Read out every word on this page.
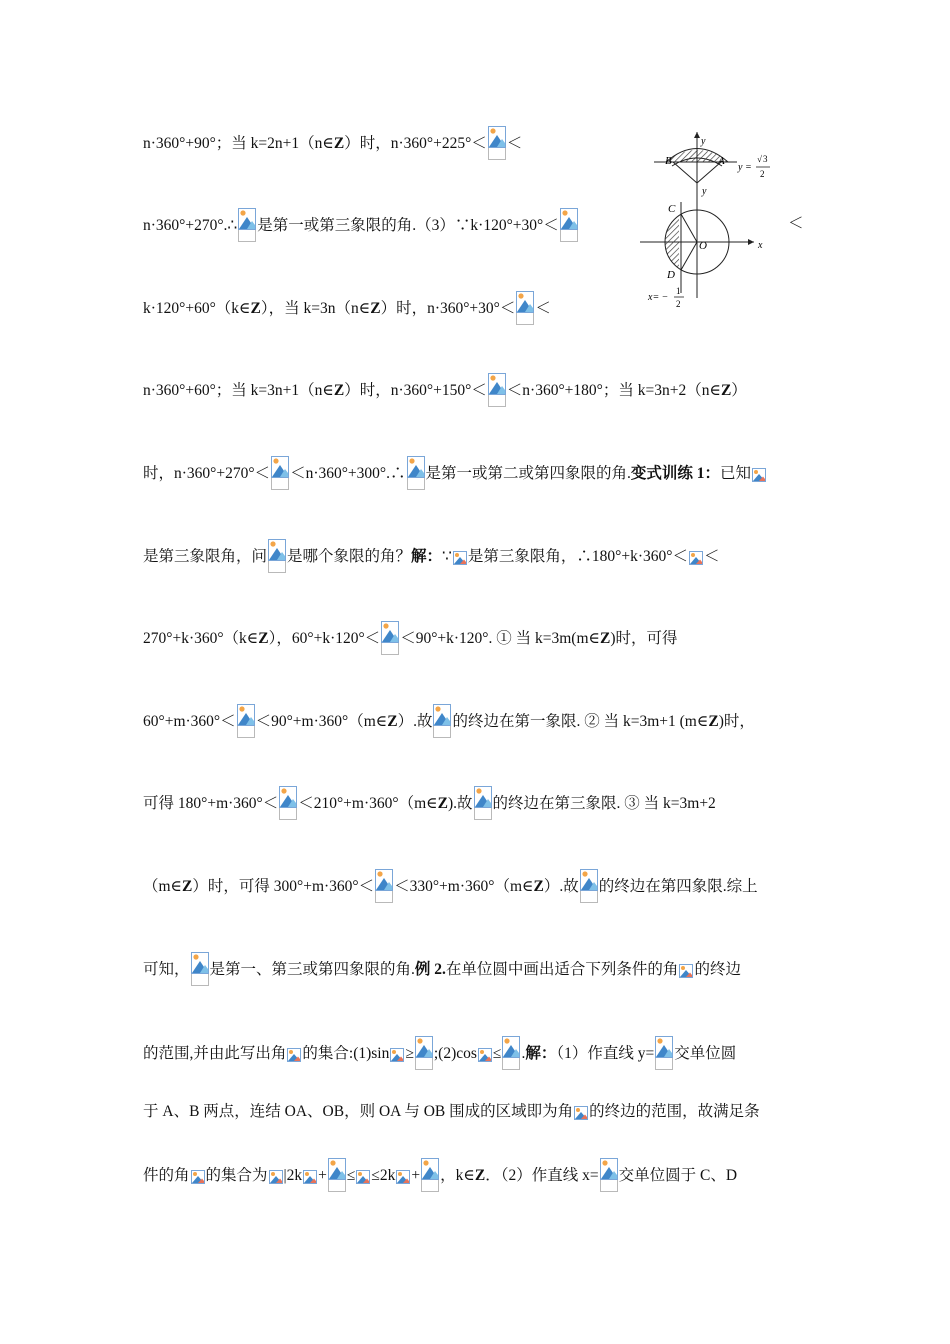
n·360°+90°；当 k=2n+1（n∈Z）时，n·360°+225°＜ ＜
n·360°+270°.∴ 是第一或第三象限的角.（3）∵k·120°+30°＜
k·120°+60°（k∈Z），当 k=3n（n∈Z）时，n·360°+30°＜ ＜
n·360°+60°；当 k=3n+1（n∈Z）时，n·360°+150°＜ ＜n·360°+180°；当 k=3n+2（n∈Z）
时，n·360°+270°＜ ＜n·360°+300°.∴ 是第一或第二或第四象限的角.变式训练 1：已知
是第三象限角，问 是哪个象限的角？解：∵ 是第三象限角，∴180°+k·360°＜ ＜
270°+k·360°（k∈Z），60°+k·120°＜ ＜90°+k·120°. ① 当 k=3m(m∈Z)时，可得
60°+m·360°＜ ＜90°+m·360°（m∈Z）.故 的终边在第一象限. ② 当 k=3m+1 (m∈Z)时，
可得 180°+m·360°＜ ＜210°+m·360°（m∈Z).故 的终边在第三象限. ③ 当 k=3m+2
（m∈Z）时，可得 300°+m·360°＜ ＜330°+m·360°（m∈Z）.故 的终边在第四象限.综上
可知， 是第一、第三或第四象限的角.例 2.在单位圆中画出适合下列条件的角 的终边
的范围,并由此写出角 的集合:(1)sin ≥ ;(2)cos ≤ .解：（1）作直线 y= 交单位圆
于 A、B 两点，连结 OA、OB，则 OA 与 OB 围成的区域即为角 的终边的范围，故满足条
件的角 的集合为 |2k + ≤ ≤2k + ，k∈Z．（2）作直线 x= 交单位圆于 C、D
＜
y
B	A
y =
√ 3
2
y
x
C
O
D
x= −
1
2
